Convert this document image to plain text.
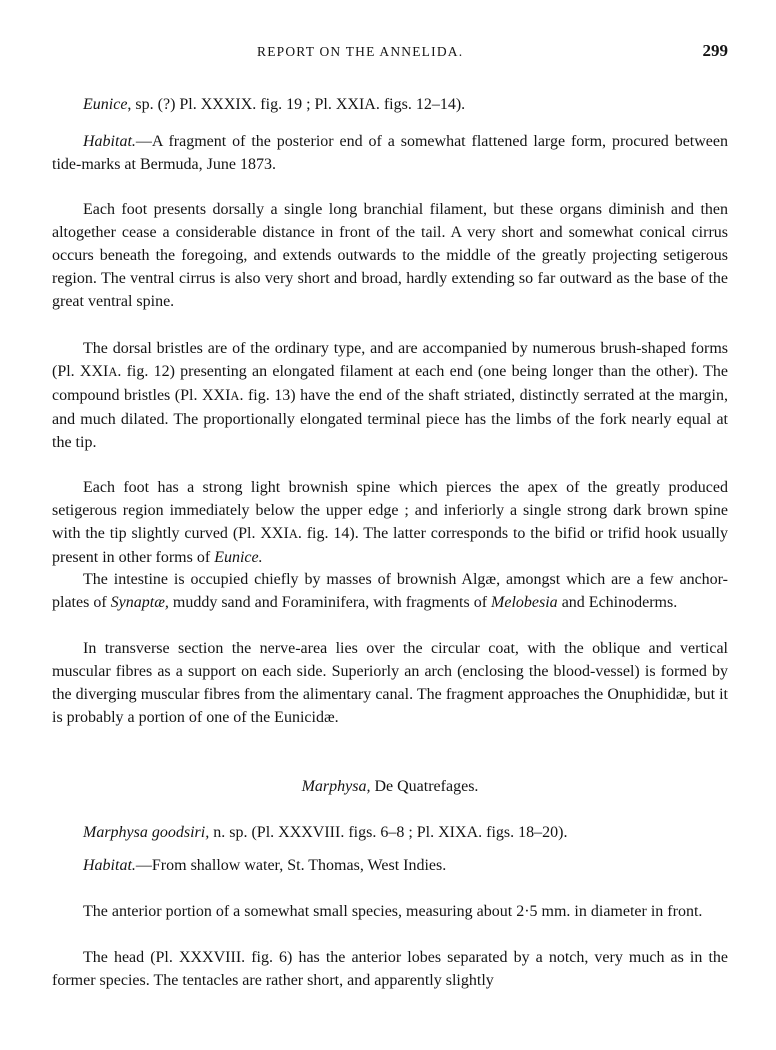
REPORT ON THE ANNELIDA.	299

Eunice, sp. (?) Pl. XXXIX. fig. 19 ; Pl. XXIA. figs. 12–14).

Habitat.—A fragment of the posterior end of a somewhat flattened large form, procured between tide-marks at Bermuda, June 1873.

Each foot presents dorsally a single long branchial filament, but these organs diminish and then altogether cease a considerable distance in front of the tail. A very short and somewhat conical cirrus occurs beneath the foregoing, and extends outwards to the middle of the greatly projecting setigerous region. The ventral cirrus is also very short and broad, hardly extending so far outward as the base of the great ventral spine.

The dorsal bristles are of the ordinary type, and are accompanied by numerous brush-shaped forms (Pl. XXIA. fig. 12) presenting an elongated filament at each end (one being longer than the other). The compound bristles (Pl. XXIA. fig. 13) have the end of the shaft striated, distinctly serrated at the margin, and much dilated. The proportionally elongated terminal piece has the limbs of the fork nearly equal at the tip.

Each foot has a strong light brownish spine which pierces the apex of the greatly produced setigerous region immediately below the upper edge ; and inferiorly a single strong dark brown spine with the tip slightly curved (Pl. XXIA. fig. 14). The latter corresponds to the bifid or trifid hook usually present in other forms of Eunice.

The intestine is occupied chiefly by masses of brownish Algæ, amongst which are a few anchor-plates of Synaptæ, muddy sand and Foraminifera, with fragments of Melobesia and Echinoderms.

In transverse section the nerve-area lies over the circular coat, with the oblique and vertical muscular fibres as a support on each side. Superiorly an arch (enclosing the blood-vessel) is formed by the diverging muscular fibres from the alimentary canal. The fragment approaches the Onuphididæ, but it is probably a portion of one of the Eunicidæ.

Marphysa, De Quatrefages.

Marphysa goodsiri, n. sp. (Pl. XXXVIII. figs. 6–8 ; Pl. XIXA. figs. 18–20).

Habitat.—From shallow water, St. Thomas, West Indies.

The anterior portion of a somewhat small species, measuring about 2·5 mm. in diameter in front.

The head (Pl. XXXVIII. fig. 6) has the anterior lobes separated by a notch, very much as in the former species. The tentacles are rather short, and apparently slightly
